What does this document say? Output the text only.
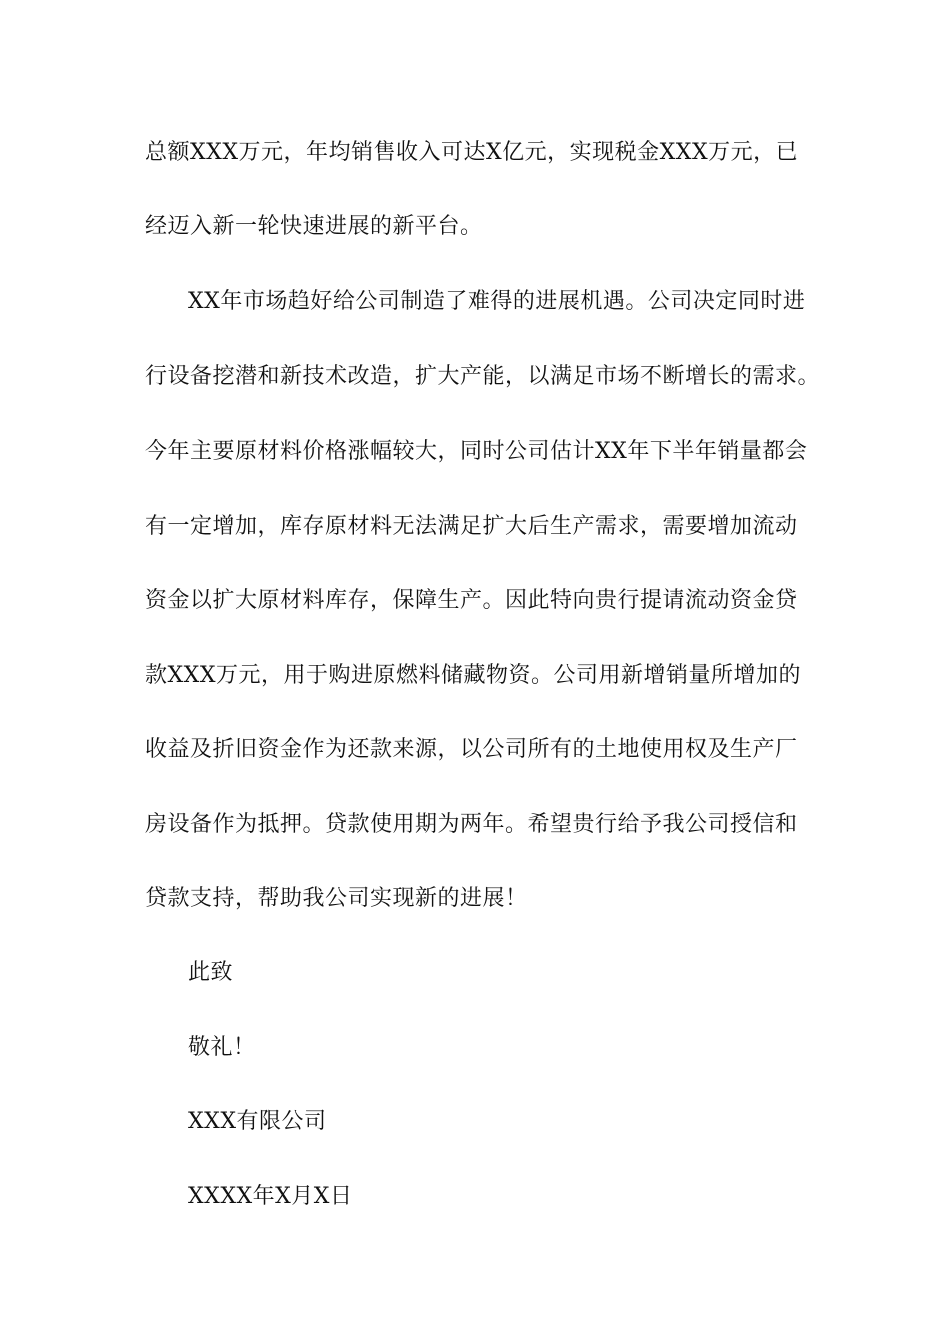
总额XXX万元，年均销售收入可达X亿元，实现税金XXX万元，已
经迈入新一轮快速进展的新平台。
XX年市场趋好给公司制造了难得的进展机遇。公司决定同时进
行设备挖潜和新技术改造，扩大产能，以满足市场不断增长的需求。
今年主要原材料价格涨幅较大，同时公司估计XX年下半年销量都会
有一定增加，库存原材料无法满足扩大后生产需求，需要增加流动
资金以扩大原材料库存，保障生产。因此特向贵行提请流动资金贷
款XXX万元，用于购进原燃料储藏物资。公司用新增销量所增加的
收益及折旧资金作为还款来源，以公司所有的土地使用权及生产厂
房设备作为抵押。贷款使用期为两年。希望贵行给予我公司授信和
贷款支持，帮助我公司实现新的进展！
此致
敬礼！
XXX有限公司
XXXX年X月X日
